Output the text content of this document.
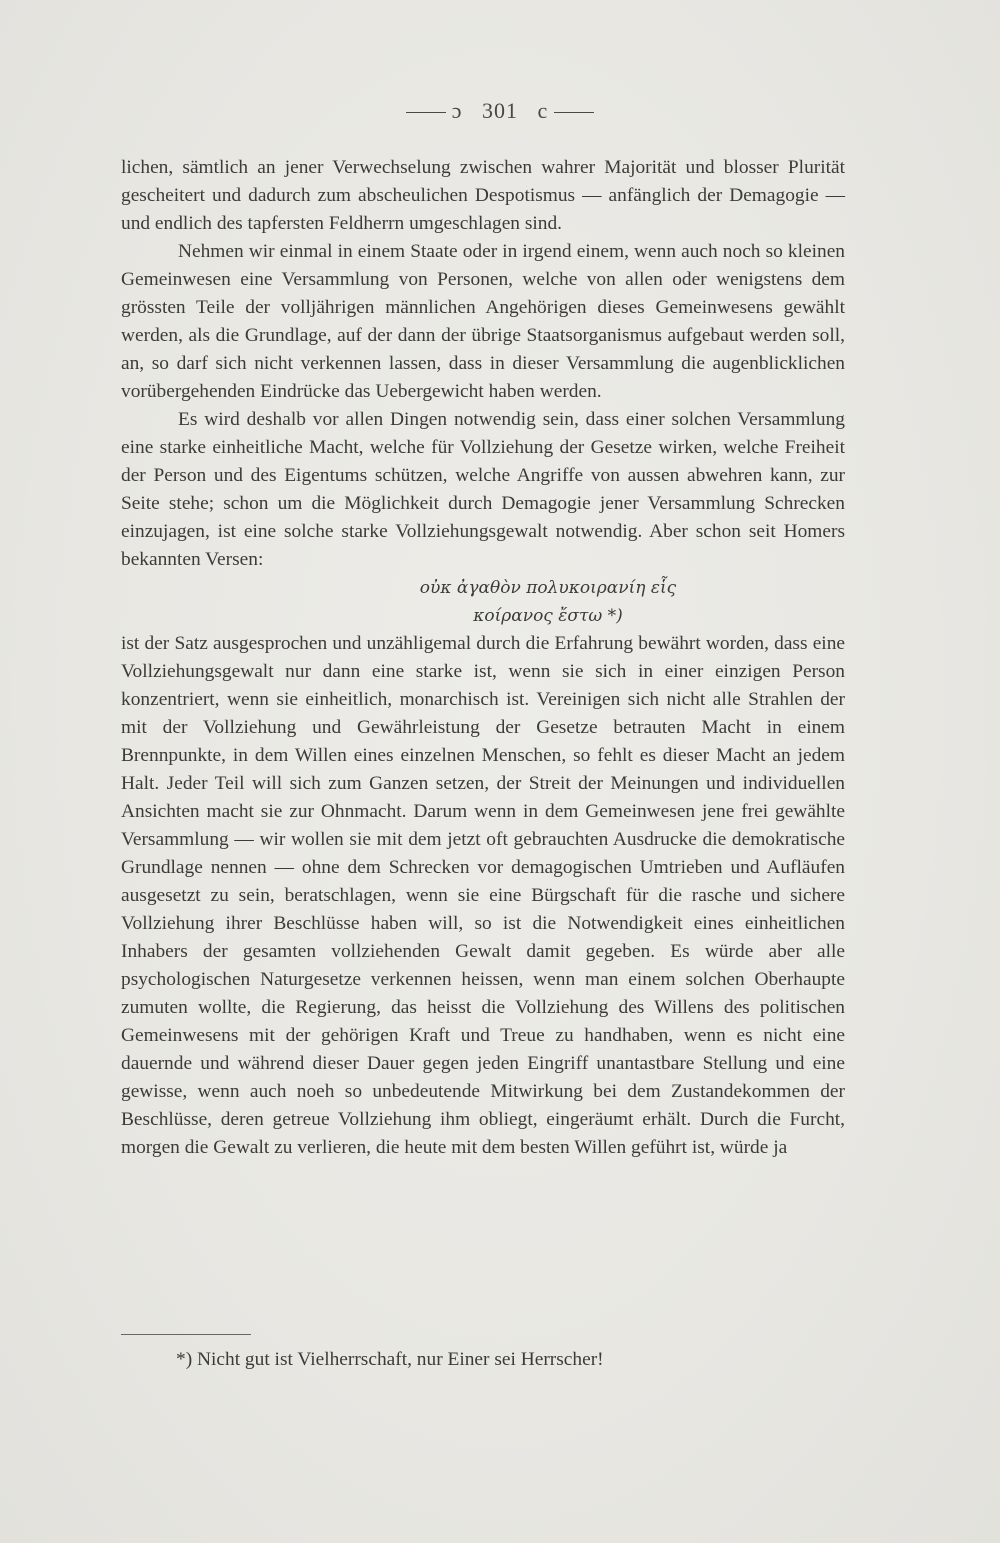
ɔ 301 c

lichen, sämtlich an jener Verwechselung zwischen wahrer Majorität und blosser Plurität gescheitert und dadurch zum abscheulichen Despotismus — anfänglich der Demagogie — und endlich des tapfersten Feldherrn umgeschlagen sind.

Nehmen wir einmal in einem Staate oder in irgend einem, wenn auch noch so kleinen Gemeinwesen eine Versammlung von Personen, welche von allen oder wenigstens dem grössten Teile der volljährigen männlichen Angehörigen dieses Gemeinwesens gewählt werden, als die Grundlage, auf der dann der übrige Staatsorganismus aufgebaut werden soll, an, so darf sich nicht verkennen lassen, dass in dieser Versammlung die augenblicklichen vorübergehenden Eindrücke das Uebergewicht haben werden.

Es wird deshalb vor allen Dingen notwendig sein, dass einer solchen Versammlung eine starke einheitliche Macht, welche für Vollziehung der Gesetze wirken, welche Freiheit der Person und des Eigentums schützen, welche Angriffe von aussen abwehren kann, zur Seite stehe; schon um die Möglichkeit durch Demagogie jener Versammlung Schrecken einzujagen, ist eine solche starke Vollziehungsgewalt notwendig. Aber schon seit Homers bekannten Versen:

οὐκ ἀγαθὸν πολυκοιρανίη εἷς
κοίρανος ἔστω *)

ist der Satz ausgesprochen und unzähligemal durch die Erfahrung bewährt worden, dass eine Vollziehungsgewalt nur dann eine starke ist, wenn sie sich in einer einzigen Person konzentriert, wenn sie einheitlich, monarchisch ist. Vereinigen sich nicht alle Strahlen der mit der Vollziehung und Gewährleistung der Gesetze betrauten Macht in einem Brennpunkte, in dem Willen eines einzelnen Menschen, so fehlt es dieser Macht an jedem Halt. Jeder Teil will sich zum Ganzen setzen, der Streit der Meinungen und individuellen Ansichten macht sie zur Ohnmacht. Darum wenn in dem Gemeinwesen jene frei gewählte Versammlung — wir wollen sie mit dem jetzt oft gebrauchten Ausdrucke die demokratische Grundlage nennen — ohne dem Schrecken vor demagogischen Umtrieben und Aufläufen ausgesetzt zu sein, beratschlagen, wenn sie eine Bürgschaft für die rasche und sichere Vollziehung ihrer Beschlüsse haben will, so ist die Notwendigkeit eines einheitlichen Inhabers der gesamten vollziehenden Gewalt damit gegeben. Es würde aber alle psychologischen Naturgesetze verkennen heissen, wenn man einem solchen Oberhaupte zumuten wollte, die Regierung, das heisst die Vollziehung des Willens des politischen Gemeinwesens mit der gehörigen Kraft und Treue zu handhaben, wenn es nicht eine dauernde und während dieser Dauer gegen jeden Eingriff unantastbare Stellung und eine gewisse, wenn auch noeh so unbedeutende Mitwirkung bei dem Zustandekommen der Beschlüsse, deren getreue Vollziehung ihm obliegt, eingeräumt erhält. Durch die Furcht, morgen die Gewalt zu verlieren, die heute mit dem besten Willen geführt ist, würde ja

*) Nicht gut ist Vielherrschaft, nur Einer sei Herrscher!
